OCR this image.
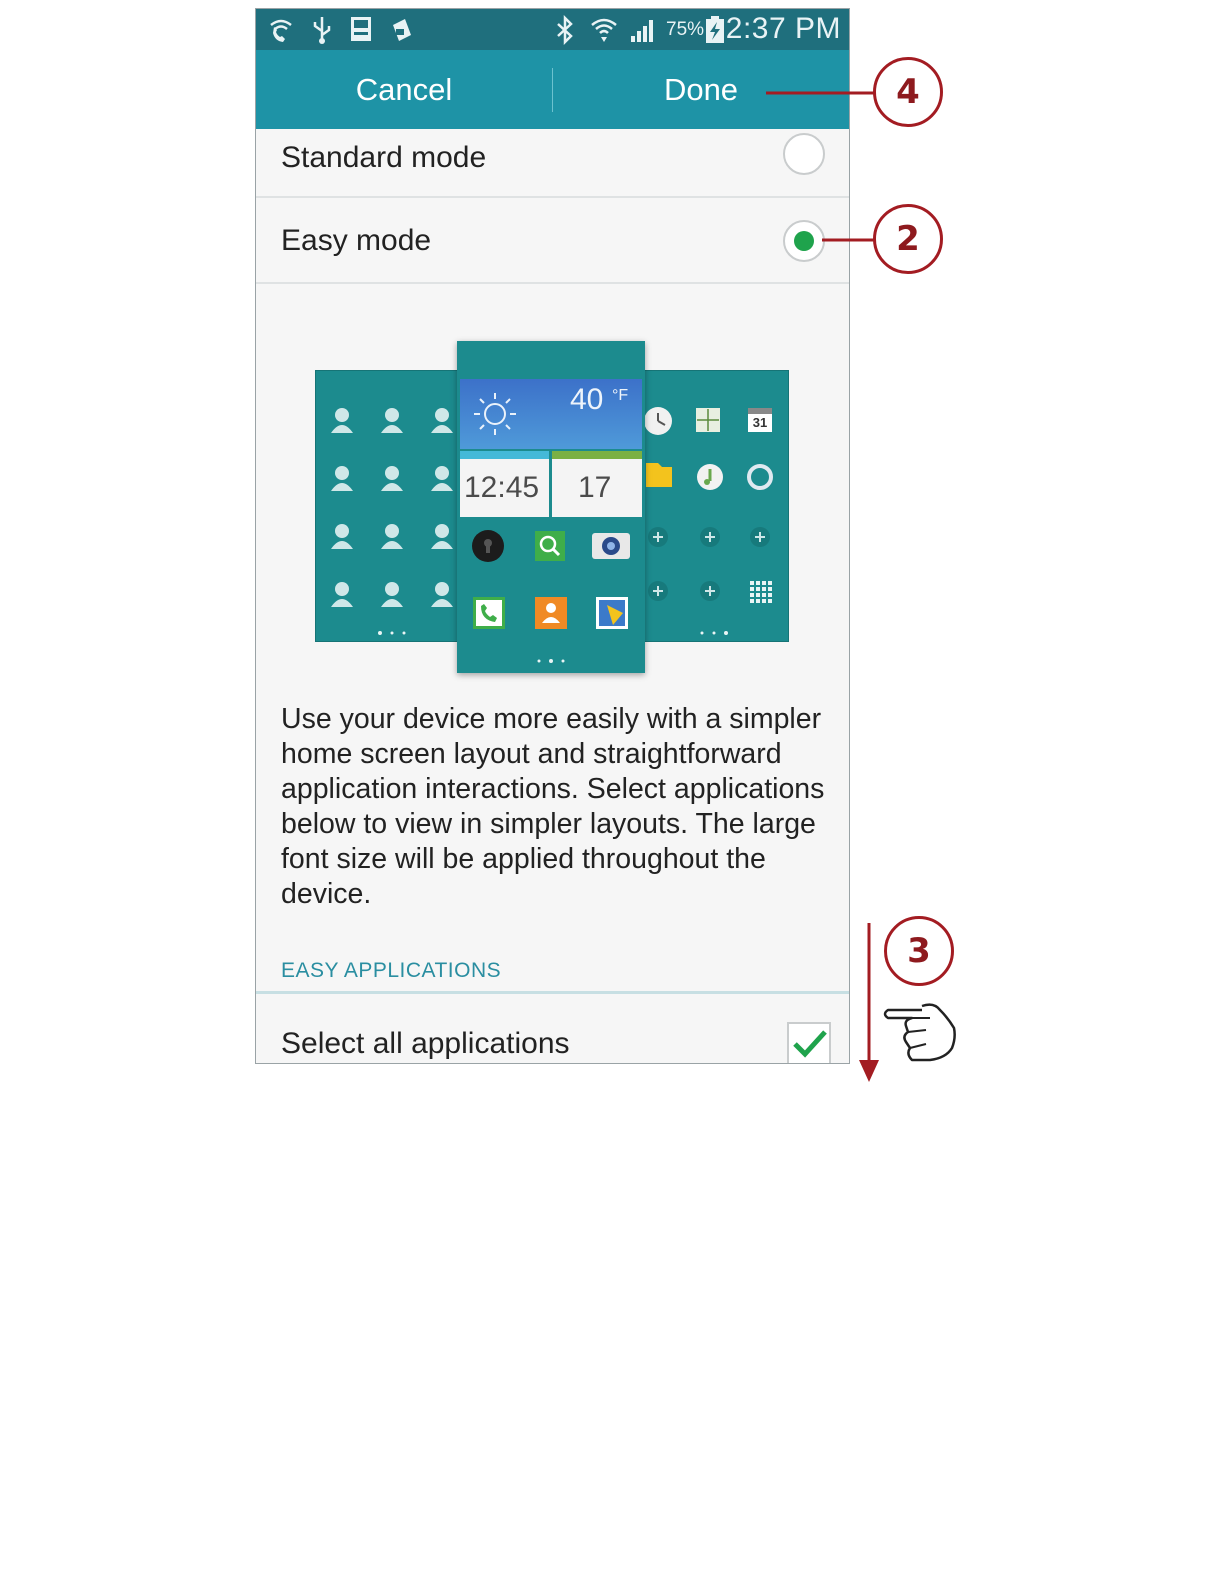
75% 2:37 PM
Cancel	Done
Standard mode
Easy mode
31
40 °F
12:45 17
Use your device more easily with a simpler home screen layout and straightforward application interactions. Select applications below to view in simpler layouts. The large font size will be applied throughout the device.
EASY APPLICATIONS
Select all applications
4
2
3
